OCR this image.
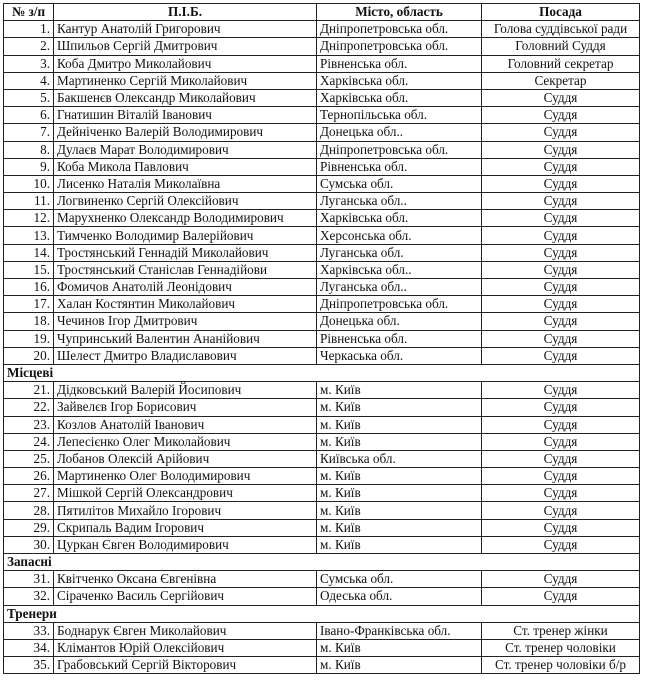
№ з/п	П.І.Б.	Місто, область	Посада
1.	Кантур Анатолій Григорович	Дніпропетровська обл.	Голова суддівської ради
2.	Шпильов Сергій Дмитрович	Дніпропетровська обл.	Головний Суддя
3.	Коба Дмитро Миколайович	Рівненська обл.	Головний секретар
4.	Мартиненко Сергій Миколайович	Харківська обл.	Секретар
5.	Бакшенєв Олександр Миколайович	Харківська обл.	Суддя
6.	Гнатишин Віталій Іванович	Тернопільська обл.	Суддя
7.	Дейніченко Валерій Володимирович	Донецька обл..	Суддя
8.	Дулаєв Марат Володимирович	Дніпропетровська обл.	Суддя
9.	Коба Микола Павлович	Рівненська обл.	Суддя
10.	Лисенко Наталія Миколаївна	Сумська обл.	Суддя
11.	Логвиненко Сергій Олексійович	Луганська обл..	Суддя
12.	Марухненко Олександр Володимирович	Харківська обл.	Суддя
13.	Тимченко Володимир Валерійович	Херсонська обл.	Суддя
14.	Тростянський Геннадій Миколайович	Луганська обл.	Суддя
15.	Тростянський Станіслав Геннадійови	Харківська обл..	Суддя
16.	Фомичов Анатолій Леонідович	Луганська обл..	Суддя
17.	Халан Костянтин Миколайович	Дніпропетровська обл.	Суддя
18.	Чечинов Ігор Дмитрович	Донецька обл.	Суддя
19.	Чупринський Валентин Ананійович	Рівненська обл.	Суддя
20.	Шелест Дмитро Владиславович	Черкаська обл.	Суддя
Місцеві			
21.	Дідковський Валерій Йосипович	м. Київ	Суддя
22.	Зайвелєв Ігор Борисович	м. Київ	Суддя
23.	Козлов Анатолій Іванович	м. Київ	Суддя
24.	Лепесієнко Олег Миколайович	м. Київ	Суддя
25.	Лобанов Олексій Арійович	Київська обл.	Суддя
26.	Мартиненко Олег Володимирович	м. Київ	Суддя
27.	Мішкой Сергій Олександрович	м. Київ	Суддя
28.	Пятилітов Михайло Ігорович	м. Київ	Суддя
29.	Скрипаль Вадим Ігорович	м. Київ	Суддя
30.	Цуркан Євген Володимирович	м. Київ	Суддя
Запасні			
31.	Квітченко Оксана Євгенівна	Сумська обл.	Суддя
32.	Сіраченко Василь Сергійович	Одеська обл.	Суддя
Тренери			
33.	Боднарук Євген Миколайович	Івано-Франківська обл.	Ст. тренер жінки
34.	Клімантов Юрій Олексійович	м. Київ	Ст. тренер чоловіки
35.	Грабовський Сергій Вікторович	м. Київ	Ст. тренер чоловіки б/р
